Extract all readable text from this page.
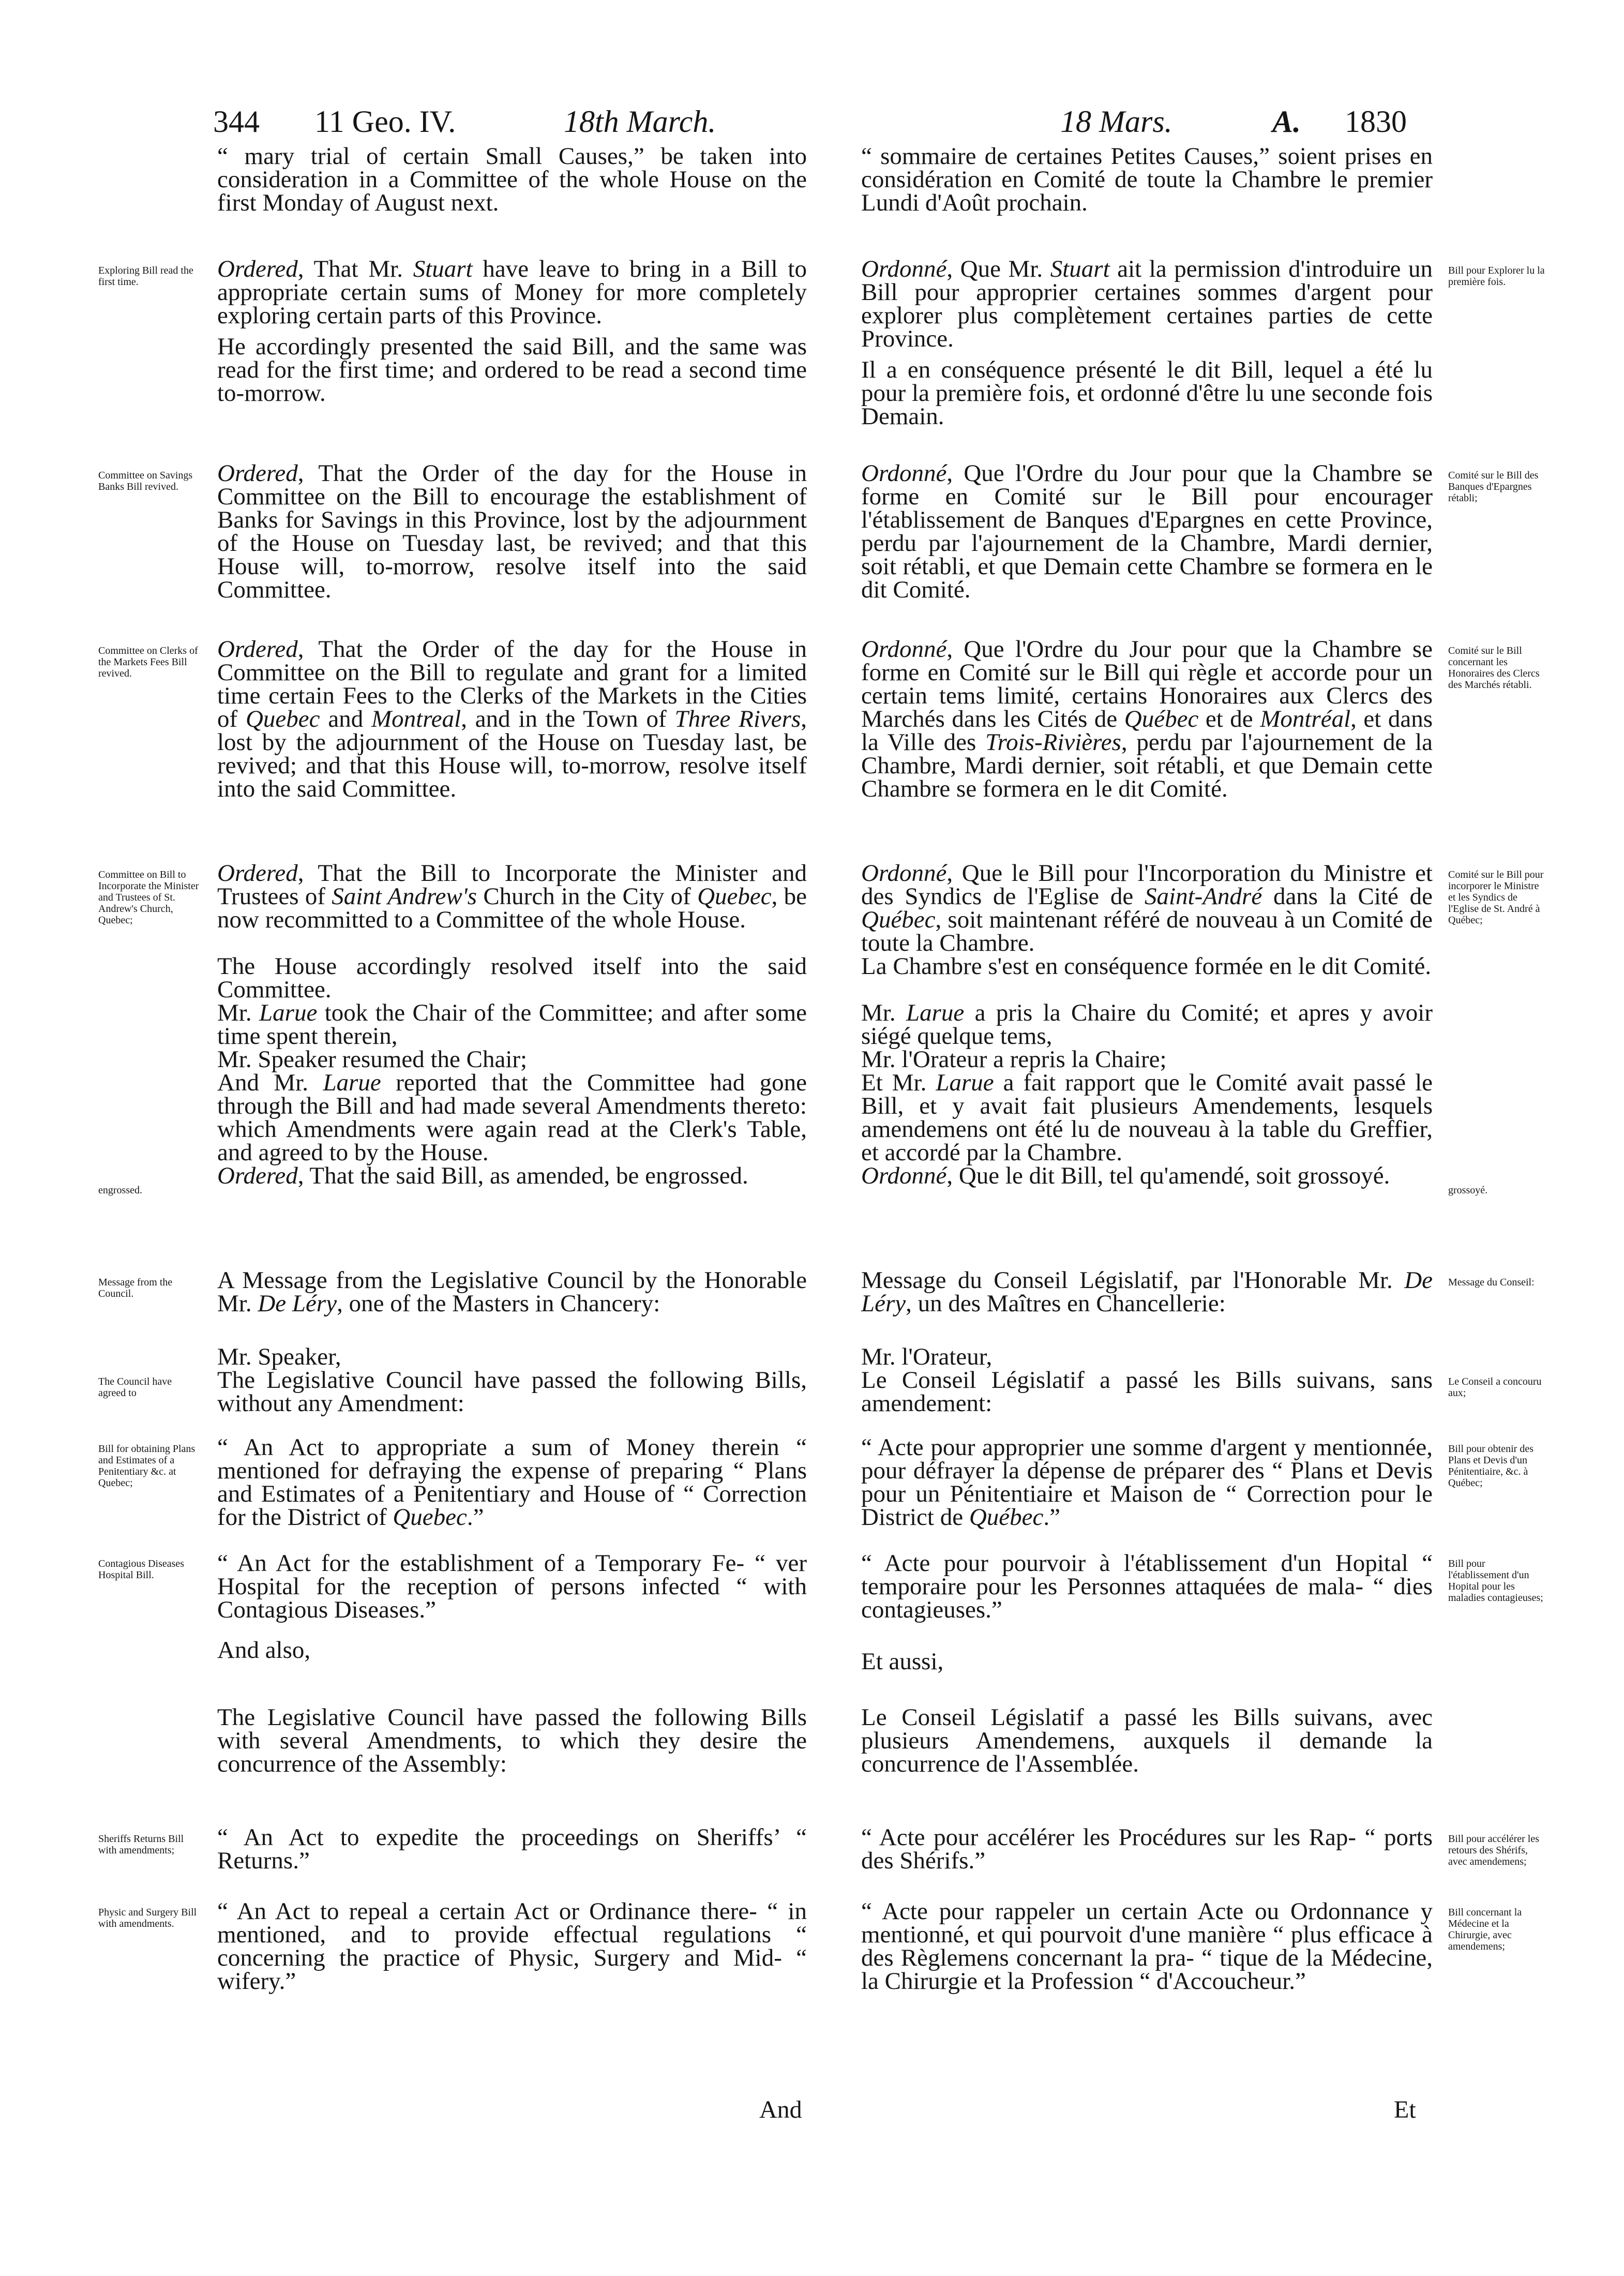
344 11 Geo. IV.	18th March.	18 Mars.	A. 1830

“ mary trial of certain Small Causes,” be taken into consideration in a Committee of the whole House on the first Monday of August next.

Ordered, That Mr. Stuart have leave to bring in a Bill to appropriate certain sums of Money for more completely exploring certain parts of this Province.

He accordingly presented the said Bill, and the same was read for the first time; and ordered to be read a second time to-morrow.

Ordered, That the Order of the day for the House in Committee on the Bill to encourage the establishment of Banks for Savings in this Province, lost by the adjournment of the House on Tuesday last, be revived; and that this House will, to-morrow, resolve itself into the said Committee.

Ordered, That the Order of the day for the House in Committee on the Bill to regulate and grant for a limited time certain Fees to the Clerks of the Markets in the Cities of Quebec and Montreal, and in the Town of Three Rivers, lost by the adjournment of the House on Tuesday last, be revived; and that this House will, to-morrow, resolve itself into the said Committee.

Ordered, That the Bill to Incorporate the Minister and Trustees of Saint Andrew's Church in the City of Quebec, be now recommitted to a Committee of the whole House.

The House accordingly resolved itself into the said Committee.

Mr. Larue took the Chair of the Committee; and after some time spent therein,

Mr. Speaker resumed the Chair;

And Mr. Larue reported that the Committee had gone through the Bill and had made several Amendments thereto: which Amendments were again read at the Clerk's Table, and agreed to by the House.

Ordered, That the said Bill, as amended, be engrossed.

A Message from the Legislative Council by the Honorable Mr. De Léry, one of the Masters in Chancery:

Mr. Speaker,

The Legislative Council have passed the following Bills, without any Amendment:

“ An Act to appropriate a sum of Money therein “ mentioned for defraying the expense of preparing “ Plans and Estimates of a Penitentiary and House of “ Correction for the District of Quebec.”

“ An Act for the establishment of a Temporary Fe- “ ver Hospital for the reception of persons infected “ with Contagious Diseases.”

And also,

The Legislative Council have passed the following Bills with several Amendments, to which they desire the concurrence of the Assembly:

“ An Act to expedite the proceedings on Sheriffs’ “ Returns.”

“ An Act to repeal a certain Act or Ordinance there- “ in mentioned, and to provide effectual regulations “ concerning the practice of Physic, Surgery and Mid- “ wifery.”

“ sommaire de certaines Petites Causes,” soient prises en considération en Comité de toute la Chambre le premier Lundi d'Août prochain.

Ordonné, Que Mr. Stuart ait la permission d'introduire un Bill pour approprier certaines sommes d'argent pour explorer plus complètement certaines parties de cette Province.

Il a en conséquence présenté le dit Bill, lequel a été lu pour la première fois, et ordonné d'être lu une seconde fois Demain.

Ordonné, Que l'Ordre du Jour pour que la Chambre se forme en Comité sur le Bill pour encourager l'établissement de Banques d'Epargnes en cette Province, perdu par l'ajournement de la Chambre, Mardi dernier, soit rétabli, et que Demain cette Chambre se formera en le dit Comité.

Ordonné, Que l'Ordre du Jour pour que la Chambre se forme en Comité sur le Bill qui règle et accorde pour un certain tems limité, certains Honoraires aux Clercs des Marchés dans les Cités de Québec et de Montréal, et dans la Ville des Trois-Rivières, perdu par l'ajournement de la Chambre, Mardi dernier, soit rétabli, et que Demain cette Chambre se formera en le dit Comité.

Ordonné, Que le Bill pour l'Incorporation du Ministre et des Syndics de l'Eglise de Saint-André dans la Cité de Québec, soit maintenant référé de nouveau à un Comité de toute la Chambre.

La Chambre s'est en conséquence formée en le dit Comité.

Mr. Larue a pris la Chaire du Comité; et apres y avoir siégé quelque tems,

Mr. l'Orateur a repris la Chaire;

Et Mr. Larue a fait rapport que le Comité avait passé le Bill, et y avait fait plusieurs Amendements, lesquels amendemens ont été lu de nouveau à la table du Greffier, et accordé par la Chambre.

Ordonné, Que le dit Bill, tel qu'amendé, soit grossoyé.

Message du Conseil Législatif, par l'Honorable Mr. De Léry, un des Maîtres en Chancellerie:

Mr. l'Orateur,

Le Conseil Législatif a passé les Bills suivans, sans amendement:

“ Acte pour approprier une somme d'argent y mentionnée, pour défrayer la dépense de préparer des “ Plans et Devis pour un Pénitentiaire et Maison de “ Correction pour le District de Québec.”

“ Acte pour pourvoir à l'établissement d'un Hopital “ temporaire pour les Personnes attaquées de mala- “ dies contagieuses.”

Et aussi,

Le Conseil Législatif a passé les Bills suivans, avec plusieurs Amendemens, auxquels il demande la concurrence de l'Assemblée.

“ Acte pour accélérer les Procédures sur les Rap- “ ports des Shérifs.”

“ Acte pour rappeler un certain Acte ou Ordonnance y mentionné, et qui pourvoit d'une manière “ plus efficace à des Règlemens concernant la pra- “ tique de la Médecine, la Chirurgie et la Profession “ d'Accoucheur.”

Exploring Bill read the first time.

Committee on Savings Banks Bill revived.

Committee on Clerks of the Markets Fees Bill revived.

Committee on Bill to Incorporate the Minister and Trustees of St. Andrew's Church, Quebec;

engrossed.

Message from the Council.

The Council have agreed to

Bill for obtaining Plans and Estimates of a Penitentiary &c. at Quebec;

Contagious Diseases Hospital Bill.

Sheriffs Returns Bill with amendments;

Physic and Surgery Bill with amendments.

Bill pour Explorer lu la première fois.

Comité sur le Bill des Banques d'Epargnes rétabli;

Comité sur le Bill concernant les Honoraires des Clercs des Marchés rétabli.

Comité sur le Bill pour incorporer le Ministre et les Syndics de l'Eglise de St. André à Québec;

grossoyé.

Message du Conseil:

Le Conseil a concouru aux;

Bill pour obtenir des Plans et Devis d'un Pénitentiaire, &c. à Québec;

Bill pour l'établissement d'un Hopital pour les maladies contagieuses;

Bill pour accélérer les retours des Shérifs, avec amendemens;

Bill concernant la Médecine et la Chirurgie, avec amendemens;

And	Et
